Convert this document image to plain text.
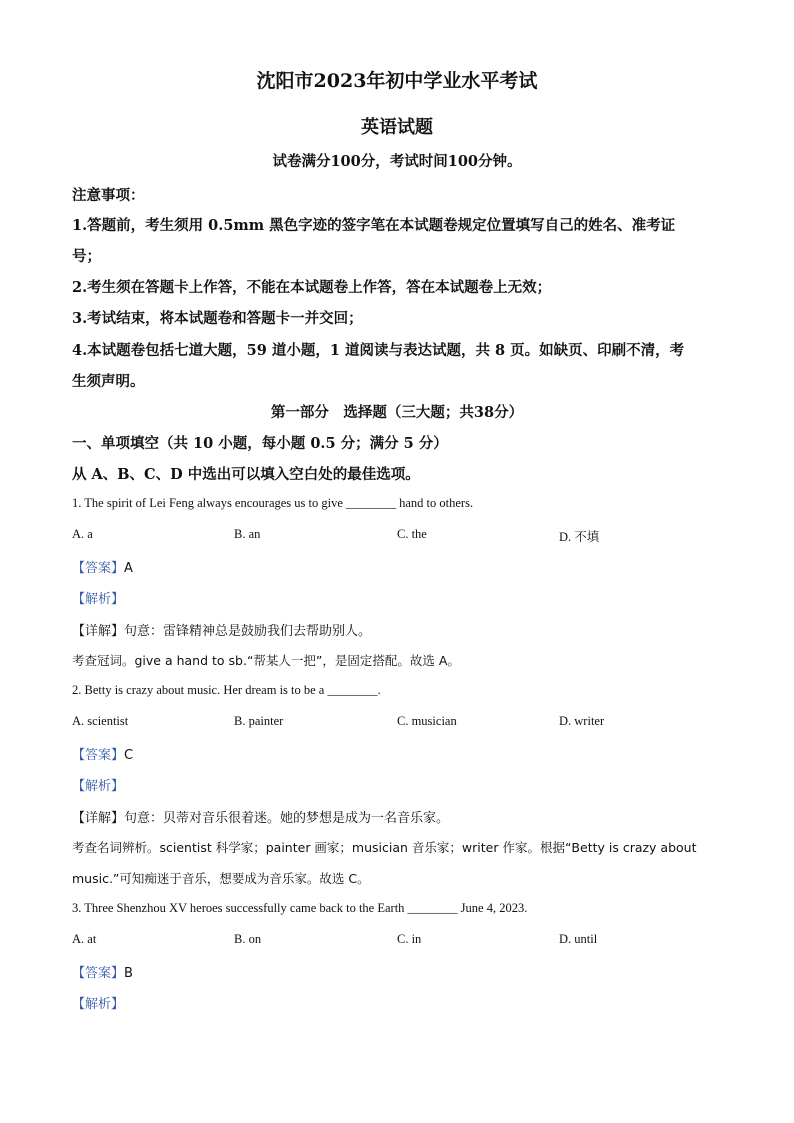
沈阳市2023年初中学业水平考试
英语试题
试卷满分100分，考试时间100分钟。
注意事项：
1.答题前，考生须用 0.5mm 黑色字迹的签字笔在本试题卷规定位置填写自己的姓名、准考证
号；
2.考生须在答题卡上作答，不能在本试题卷上作答，答在本试题卷上无效；
3.考试结束，将本试题卷和答题卡一并交回；
4.本试题卷包括七道大题，59 道小题，1 道阅读与表达试题，共 8 页。如缺页、印刷不清，考
生须声明。
第一部分　选择题（三大题；共38分）
一、单项填空（共 10 小题，每小题 0.5 分；满分 5 分）
从 A、B、C、D 中选出可以填入空白处的最佳选项。
1. The spirit of Lei Feng always encourages us to give ________ hand to others.
A. a	B. an	C. the	D. 不填
【答案】A
【解析】
【详解】句意：雷锋精神总是鼓励我们去帮助别人。
考查冠词。give a hand to sb.“帮某人一把”，是固定搭配。故选 A。
2. Betty is crazy about music. Her dream is to be a ________.
A. scientist	B. painter	C. musician	D. writer
【答案】C
【解析】
【详解】句意：贝蒂对音乐很着迷。她的梦想是成为一名音乐家。
考查名词辨析。scientist 科学家；painter 画家；musician 音乐家；writer 作家。根据“Betty is crazy about
music.”可知痴迷于音乐，想要成为音乐家。故选 C。
3. Three Shenzhou XV heroes successfully came back to the Earth ________ June 4, 2023.
A. at	B. on	C. in	D. until
【答案】B
【解析】
